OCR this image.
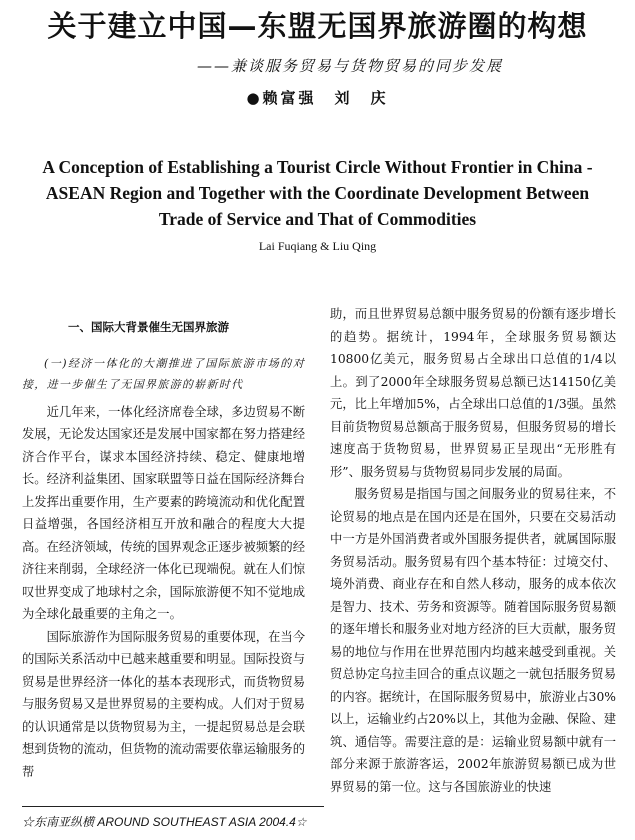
关于建立中国—东盟无国界旅游圈的构想
——兼谈服务贸易与货物贸易的同步发展
●赖富强　刘　庆
A Conception of Establishing a Tourist Circle Without Frontier in China -
ASEAN Region and Together with the Coordinate Development Between
Trade of Service and That of Commodities
Lai Fuqiang & Liu Qing

一、国际大背景催生无国界旅游

(一)经济一体化的大潮推进了国际旅游市场的对接，进一步催生了无国界旅游的崭新时代

近几年来，一体化经济席卷全球，多边贸易不断发展，无论发达国家还是发展中国家都在努力搭建经济合作平台，谋求本国经济持续、稳定、健康地增长。经济利益集团、国家联盟等日益在国际经济舞台上发挥出重要作用，生产要素的跨境流动和优化配置日益增强，各国经济相互开放和融合的程度大大提高。在经济领域，传统的国界观念正逐步被频繁的经济往来削弱，全球经济一体化已现端倪。就在人们惊叹世界变成了地球村之余，国际旅游便不知不觉地成为全球化最重要的主角之一。

国际旅游作为国际服务贸易的重要体现，在当今的国际关系活动中已越来越重要和明显。国际投资与贸易是世界经济一体化的基本表现形式，而货物贸易与服务贸易又是世界贸易的主要构成。人们对于贸易的认识通常是以货物贸易为主，一提起贸易总是会联想到货物的流动，但货物的流动需要依靠运输服务的帮

助，而且世界贸易总额中服务贸易的份额有逐步增长的趋势。据统计，1994年，全球服务贸易额达10800亿美元，服务贸易占全球出口总值的1/4以上。到了2000年全球服务贸易总额已达14150亿美元，比上年增加5%，占全球出口总值的1/3强。虽然目前货物贸易总额高于服务贸易，但服务贸易的增长速度高于货物贸易，世界贸易正呈现出“无形胜有形”、服务贸易与货物贸易同步发展的局面。

服务贸易是指国与国之间服务业的贸易往来，不论贸易的地点是在国内还是在国外，只要在交易活动中一方是外国消费者或外国服务提供者，就属国际服务贸易活动。服务贸易有四个基本特征：过境交付、境外消费、商业存在和自然人移动，服务的成本依次是智力、技术、劳务和资源等。随着国际服务贸易额的逐年增长和服务业对地方经济的巨大贡献，服务贸易的地位与作用在世界范围内均越来越受到重视。关贸总协定乌拉圭回合的重点议题之一就包括服务贸易的内容。据统计，在国际服务贸易中，旅游业占30%以上，运输业约占20%以上，其他为金融、保险、建筑、通信等。需要注意的是：运输业贸易额中就有一部分来源于旅游客运，2002年旅游贸易额已成为世界贸易的第一位。这与各国旅游业的快速

☆东南亚纵横 AROUND SOUTHEAST ASIA 2004.4☆
